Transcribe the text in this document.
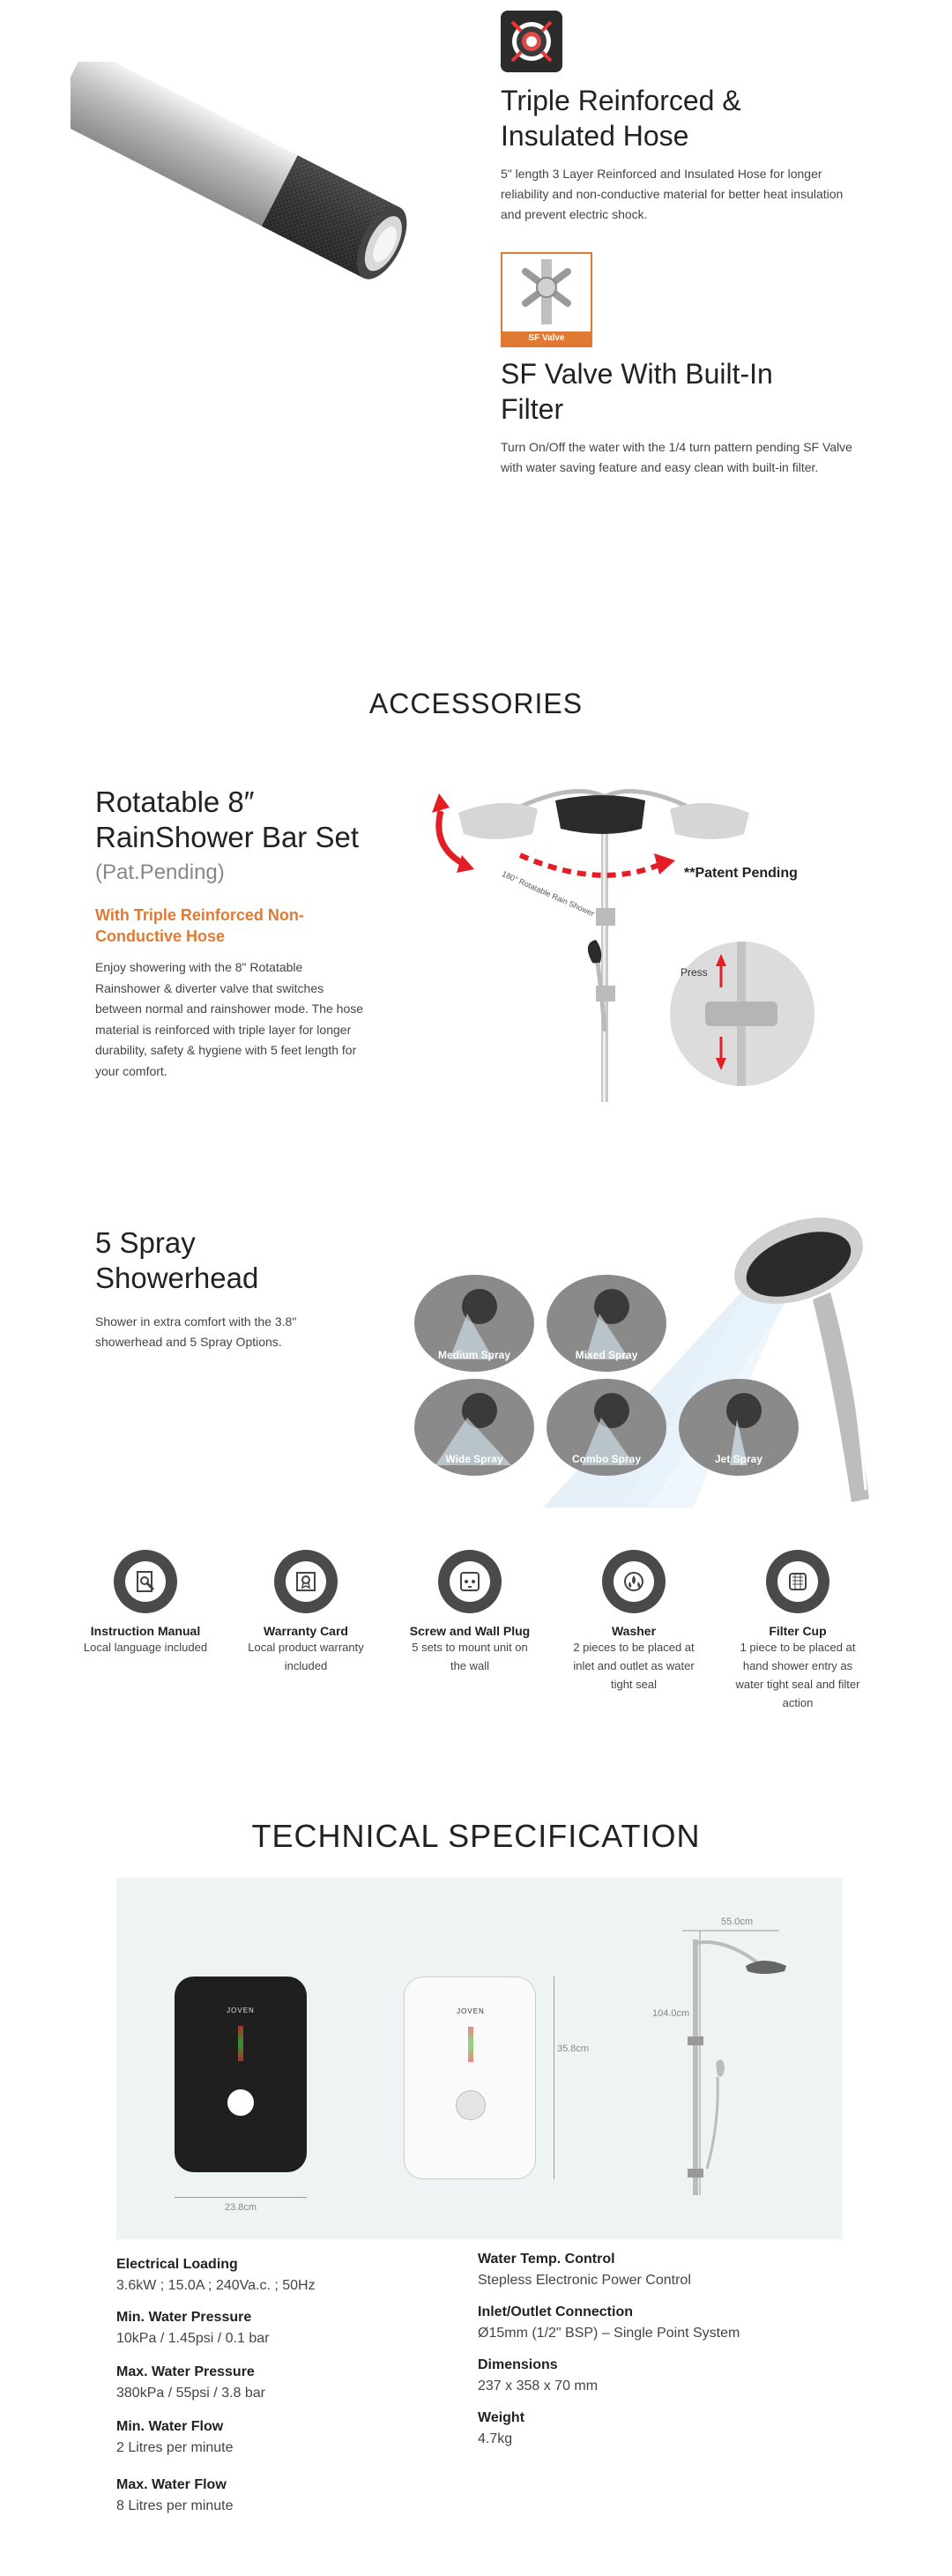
Triple Reinforced &
Insulated Hose
5" length 3 Layer Reinforced and Insulated Hose for longer reliability and non-conductive material for better heat insulation and prevent electric shock.
SF Valve
SF Valve With Built-In
Filter
Turn On/Off the water with the 1/4 turn pattern pending SF Valve with water saving feature and easy clean with built-in filter.
ACCESSORIES
Rotatable 8″
RainShower Bar Set
(Pat.Pending)
With Triple Reinforced Non-Conductive Hose
Enjoy showering with the 8" Rotatable Rainshower & diverter valve that switches between normal and rainshower mode. The hose material is reinforced with triple layer for longer durability, safety & hygiene with 5 feet length for your comfort.
180° Rotatable Rain Shower	**Patent Pending
Press
5 Spray
Showerhead
Shower in extra comfort with the 3.8" showerhead and 5 Spray Options.
Medium Spray	Mixed Spray
Wide Spray	Combo Spray	Jet Spray
Instruction Manual
Local language included
Warranty Card
Local product warranty included
Screw and Wall Plug
5 sets to mount unit on the wall
Washer
2 pieces to be placed at inlet and outlet as water tight seal
Filter Cup
1 piece to be placed at hand shower entry as water tight seal and filter action
TECHNICAL SPECIFICATION
JOVEN
23.8cm
JOVEN
35.8cm
55.0cm
104.0cm
Electrical Loading
3.6kW ; 15.0A ; 240Va.c. ; 50Hz
Min. Water Pressure
10kPa / 1.45psi / 0.1 bar
Max. Water Pressure
380kPa / 55psi / 3.8 bar
Min. Water Flow
2 Litres per minute
Max. Water Flow
8 Litres per minute
Water Temp. Control
Stepless Electronic Power Control
Inlet/Outlet Connection
Ø15mm (1/2" BSP) – Single Point System
Dimensions
237 x 358 x 70 mm
Weight
4.7kg
